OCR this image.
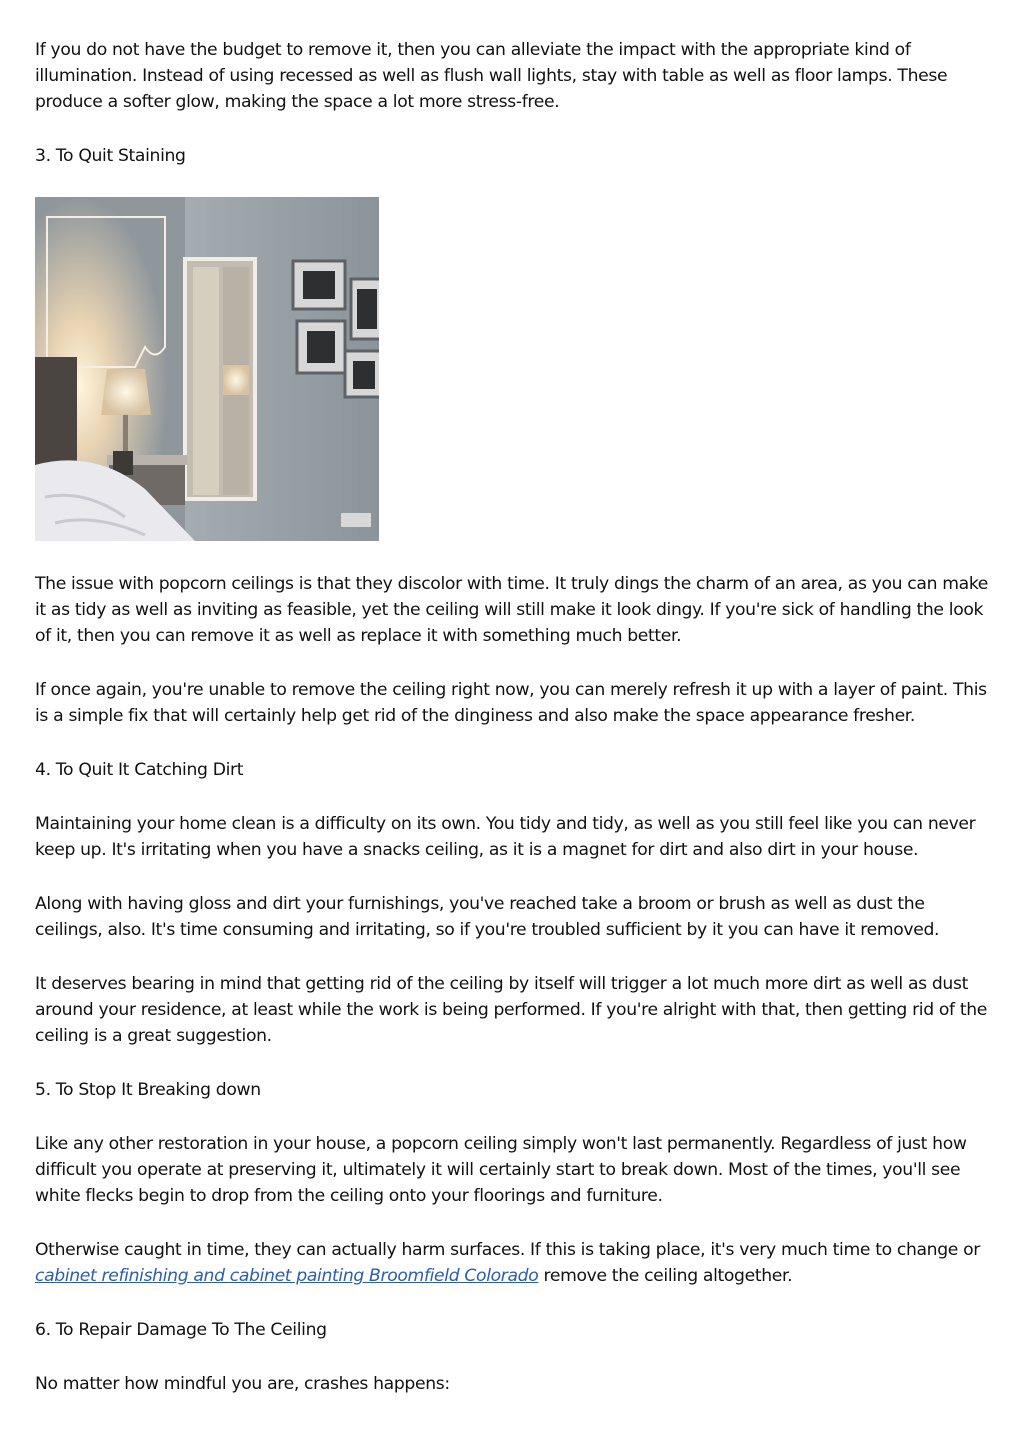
If you do not have the budget to remove it, then you can alleviate the impact with the appropriate kind of illumination. Instead of using recessed as well as flush wall lights, stay with table as well as floor lamps. These produce a softer glow, making the space a lot more stress-free.

3. To Quit Staining

The issue with popcorn ceilings is that they discolor with time. It truly dings the charm of an area, as you can make it as tidy as well as inviting as feasible, yet the ceiling will still make it look dingy. If you're sick of handling the look of it, then you can remove it as well as replace it with something much better.

If once again, you're unable to remove the ceiling right now, you can merely refresh it up with a layer of paint. This is a simple fix that will certainly help get rid of the dinginess and also make the space appearance fresher.

4. To Quit It Catching Dirt

Maintaining your home clean is a difficulty on its own. You tidy and tidy, as well as you still feel like you can never keep up. It's irritating when you have a snacks ceiling, as it is a magnet for dirt and also dirt in your house.

Along with having gloss and dirt your furnishings, you've reached take a broom or brush as well as dust the ceilings, also. It's time consuming and irritating, so if you're troubled sufficient by it you can have it removed.

It deserves bearing in mind that getting rid of the ceiling by itself will trigger a lot much more dirt as well as dust around your residence, at least while the work is being performed. If you're alright with that, then getting rid of the ceiling is a great suggestion.

5. To Stop It Breaking down

Like any other restoration in your house, a popcorn ceiling simply won't last permanently. Regardless of just how difficult you operate at preserving it, ultimately it will certainly start to break down. Most of the times, you'll see white flecks begin to drop from the ceiling onto your floorings and furniture.

Otherwise caught in time, they can actually harm surfaces. If this is taking place, it's very much time to change or cabinet refinishing and cabinet painting Broomfield Colorado remove the ceiling altogether.

6. To Repair Damage To The Ceiling

No matter how mindful you are, crashes happens:
